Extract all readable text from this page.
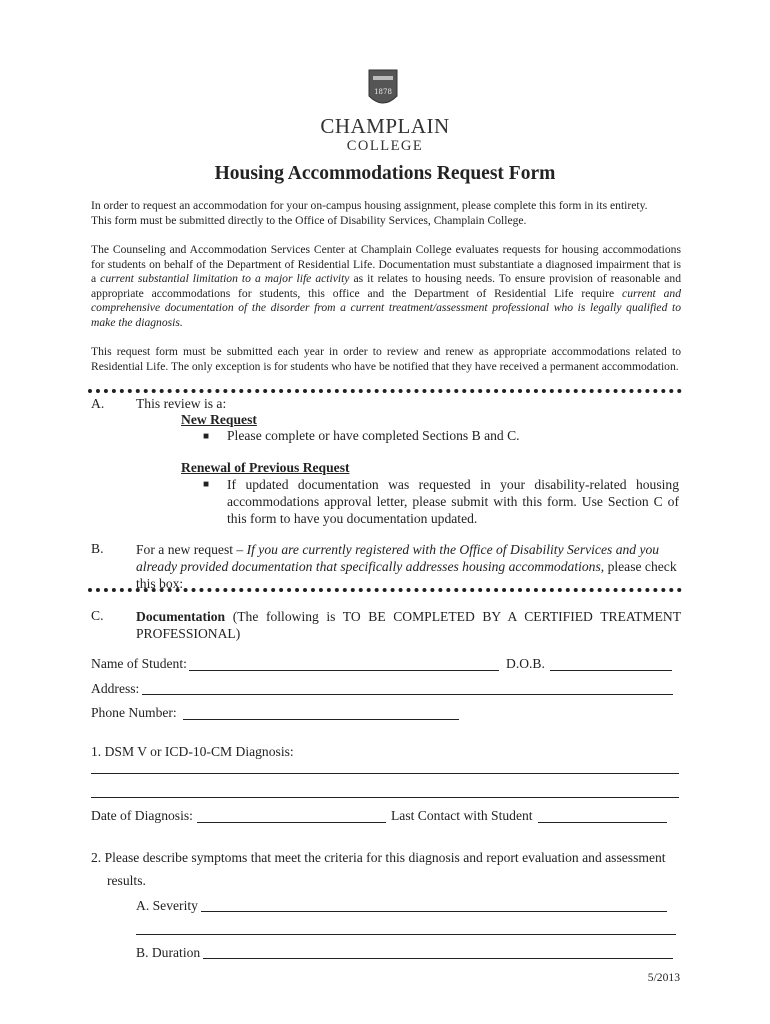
1878
CHAMPLAIN
COLLEGE
Housing Accommodations Request Form
In order to request an accommodation for your on-campus housing assignment, please complete this form in its entirety.
This form must be submitted directly to the Office of Disability Services, Champlain College.
The Counseling and Accommodation Services Center at Champlain College evaluates requests for housing accommodations for students on behalf of the Department of Residential Life. Documentation must substantiate a diagnosed impairment that is a current substantial limitation to a major life activity as it relates to housing needs. To ensure provision of reasonable and appropriate accommodations for students, this office and the Department of Residential Life require current and comprehensive documentation of the disorder from a current treatment/assessment professional who is legally qualified to make the diagnosis.
This request form must be submitted each year in order to review and renew as appropriate accommodations related to Residential Life. The only exception is for students who have be notified that they have received a permanent accommodation.
A. This review is a:
New Request
■ Please complete or have completed Sections B and C.
Renewal of Previous Request
■ If updated documentation was requested in your disability-related housing accommodations approval letter, please submit with this form. Use Section C of this form to have you documentation updated.
B. For a new request – If you are currently registered with the Office of Disability Services and you already provided documentation that specifically addresses housing accommodations, please check this box:
C. Documentation (The following is TO BE COMPLETED BY A CERTIFIED TREATMENT PROFESSIONAL)
Name of Student:	D.O.B.
Address:
Phone Number:
1. DSM V or ICD-10-CM Diagnosis:
Date of Diagnosis:	Last Contact with Student
2. Please describe symptoms that meet the criteria for this diagnosis and report evaluation and assessment
results.
A. Severity
B. Duration
5/2013
